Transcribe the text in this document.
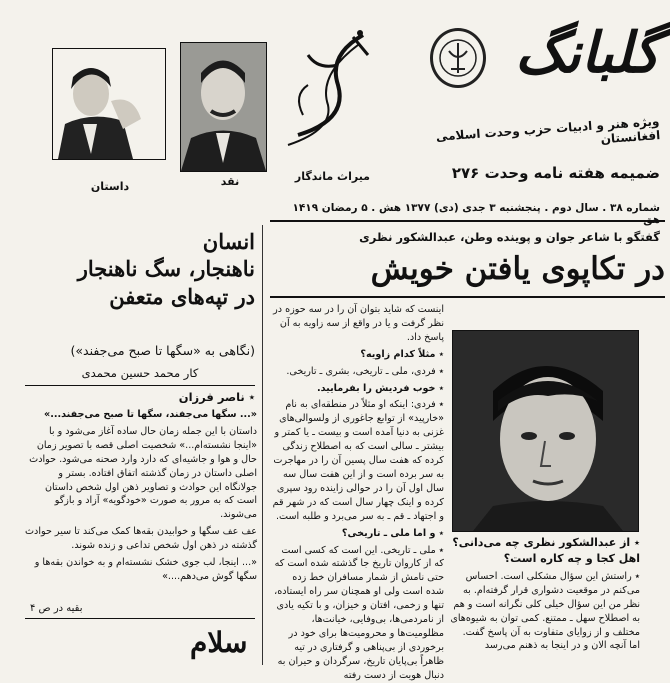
گلبانگ
ویژه هنر و ادبیات حزب وحدت اسلامی افغانستان
ضمیمه هفته نامه وحدت ۲۷۶
شماره ۳۸ . سال دوم . پنجشنبه ۳ جدی (دی) ۱۳۷۷ هش . ۵ رمضان ۱۴۱۹
میراث ماندگار
نقد
داستان
گفتگو با شاعر جوان و پوینده وطن، عبدالشکور نظری
در تکاپوی یافتن خویش

اینست که شاید بتوان آن را در سه حوزه در نظر گرفت و یا در واقع از سه زاویه به آن پاسخ داد.

٭ مثلاً کدام زاویه؟

٭ فردی، ملی ـ تاریخی، بشری ـ تاریخی.

٭ خوب فردیش را بفرمایید.

٭ فردی: اینکه او مثلاً در منطقه‌ای به نام «خارپید» از توابع جاغوری از ولسوالی‌های غزنی به دنیا آمده است و بیست ـ یا کمتر و بیشتر ـ سالی است که به اصطلاح زندگی کرده که هفت سال پسین آن را در مهاجرت به سر برده است و از این هفت سال سه سال اول آن را در حوالی زاینده رود سپری کرده و اینک چهار سال است که در شهر قم و اجتهاد ـ قم ـ به سر می‌برد و طلبه است.

٭ و اما ملی ـ تاریخی؟

٭ ملی ـ تاریخی. این است که کسی است که از کاروان تاریخ جا گذشته شده است که حتی نامش از شمار مسافران خط زده شده است ولی او همچنان سر راه ایستاده، تنها و زخمی، افتان و خیزان، و با تکیه یادی از نامردمی‌ها، بی‌وفایی، خیانت‌ها، مظلومیت‌ها و محرومیت‌ها برای خود در برخوردی از بی‌پناهی و گرفتاری در تیه ظاهراً بی‌پایان تاریخ، سرگردان و حیران به دنبال هویت از دست رفته

٭ از عبدالشکور نظری چه می‌دانی؟ اهل کجا و چه کاره است؟

٭ راستش این سؤال مشکلی است. احساس می‌کنم در موقعیت دشواری قرار گرفته‌ام. به نظر من این سؤال خیلی کلی نگرانه است و هم به اصطلاح سهل ـ ممتنع. کمی توان به شیوه‌های مختلف و از زوایای متفاوت به آن پاسخ گفت. اما آنچه الان و در اینجا به ذهنم می‌رسد

انسان
ناهنجار، سگ ناهنجار
در تپه‌های متعفن
(نگاهی به «سگها تا صبح می‌جفند»)
کار محمد حسین محمدی
٭ ناصر فرزان

«... سگها می‌جفند، سگها تا صبح می‌جفند...»

داستان با این جمله زمان حال ساده آغاز می‌شود و با «اینجا نشسته‌ام...» شخصیت اصلی قصه با تصویر زمان حال و هوا و جاشیه‌ای که دارد وارد صحنه می‌شود. حوادث اصلی داستان در زمان گذشته اتفاق افتاده. بستر و جولانگاه این حوادث و تصاویر ذهن اول شخص داستان است که به مرور به صورت «خودگویه» آزاد و بازگو می‌شوند.

عف عف سگها و خوابیدن بقه‌ها کمک می‌کند تا سیر حوادث گذشته در ذهن اول شخص تداعی و زنده شوند.

«... اینجا، لب جوی خشک نشسته‌ام و به خواندن بقه‌ها و سگها گوش می‌دهم....»

بقیه در ص ۴
سلام
